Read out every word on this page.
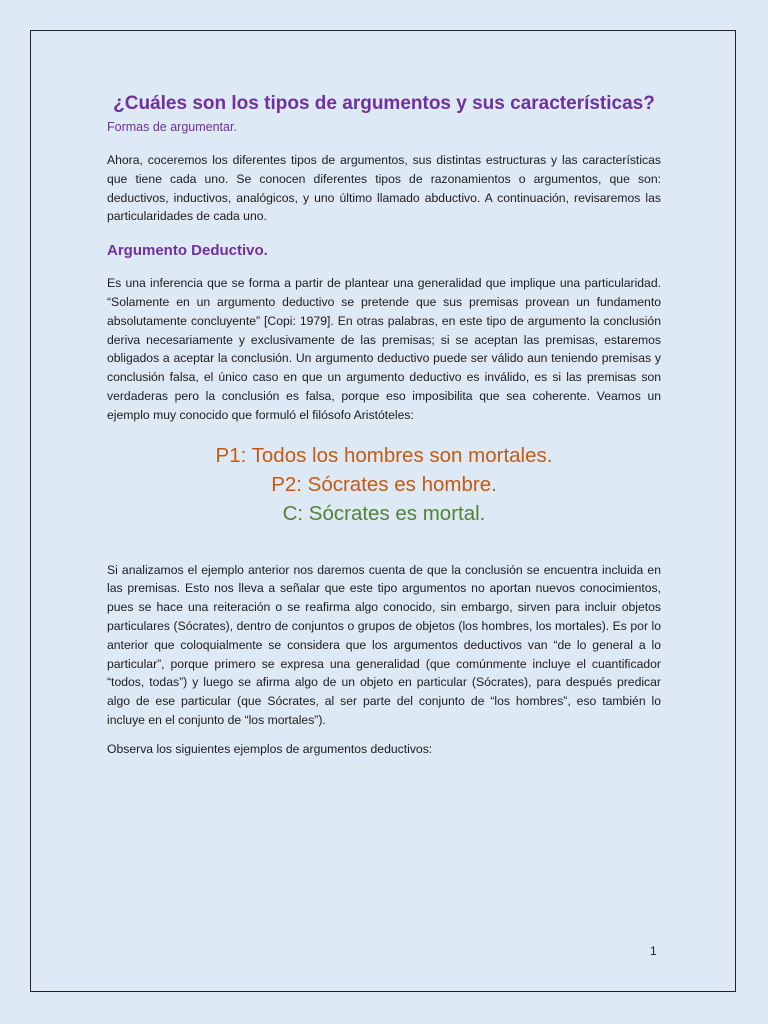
¿Cuáles son los tipos de argumentos y sus características?
Formas de argumentar.

Ahora, coceremos los diferentes tipos de argumentos, sus distintas estructuras y las características que tiene cada uno. Se conocen diferentes tipos de razonamientos o argumentos, que son: deductivos, inductivos, analógicos, y uno último llamado abductivo. A continuación, revisaremos las particularidades de cada uno.

Argumento Deductivo.

Es una inferencia que se forma a partir de plantear una generalidad que implique una particularidad. “Solamente en un argumento deductivo se pretende que sus premisas provean un fundamento absolutamente concluyente” [Copi: 1979]. En otras palabras, en este tipo de argumento la conclusión deriva necesariamente y exclusivamente de las premisas; si se aceptan las premisas, estaremos obligados a aceptar la conclusión. Un argumento deductivo puede ser válido aun teniendo premisas y conclusión falsa, el único caso en que un argumento deductivo es inválido, es si las premisas son verdaderas pero la conclusión es falsa, porque eso imposibilita que sea coherente. Veamos un ejemplo muy conocido que formuló el filósofo Aristóteles:

P1: Todos los hombres son mortales.
P2: Sócrates es hombre.
C: Sócrates es mortal.

Si analizamos el ejemplo anterior nos daremos cuenta de que la conclusión se encuentra incluida en las premisas. Esto nos lleva a señalar que este tipo argumentos no aportan nuevos conocimientos, pues se hace una reiteración o se reafirma algo conocido, sin embargo, sirven para incluir objetos particulares (Sócrates), dentro de conjuntos o grupos de objetos (los hombres, los mortales). Es por lo anterior que coloquialmente se considera que los argumentos deductivos van “de lo general a lo particular”, porque primero se expresa una generalidad (que comúnmente incluye el cuantificador “todos, todas”) y luego se afirma algo de un objeto en particular (Sócrates), para después predicar algo de ese particular (que Sócrates, al ser parte del conjunto de “los hombres”, eso también lo incluye en el conjunto de “los mortales”).

Observa los siguientes ejemplos de argumentos deductivos:

1
